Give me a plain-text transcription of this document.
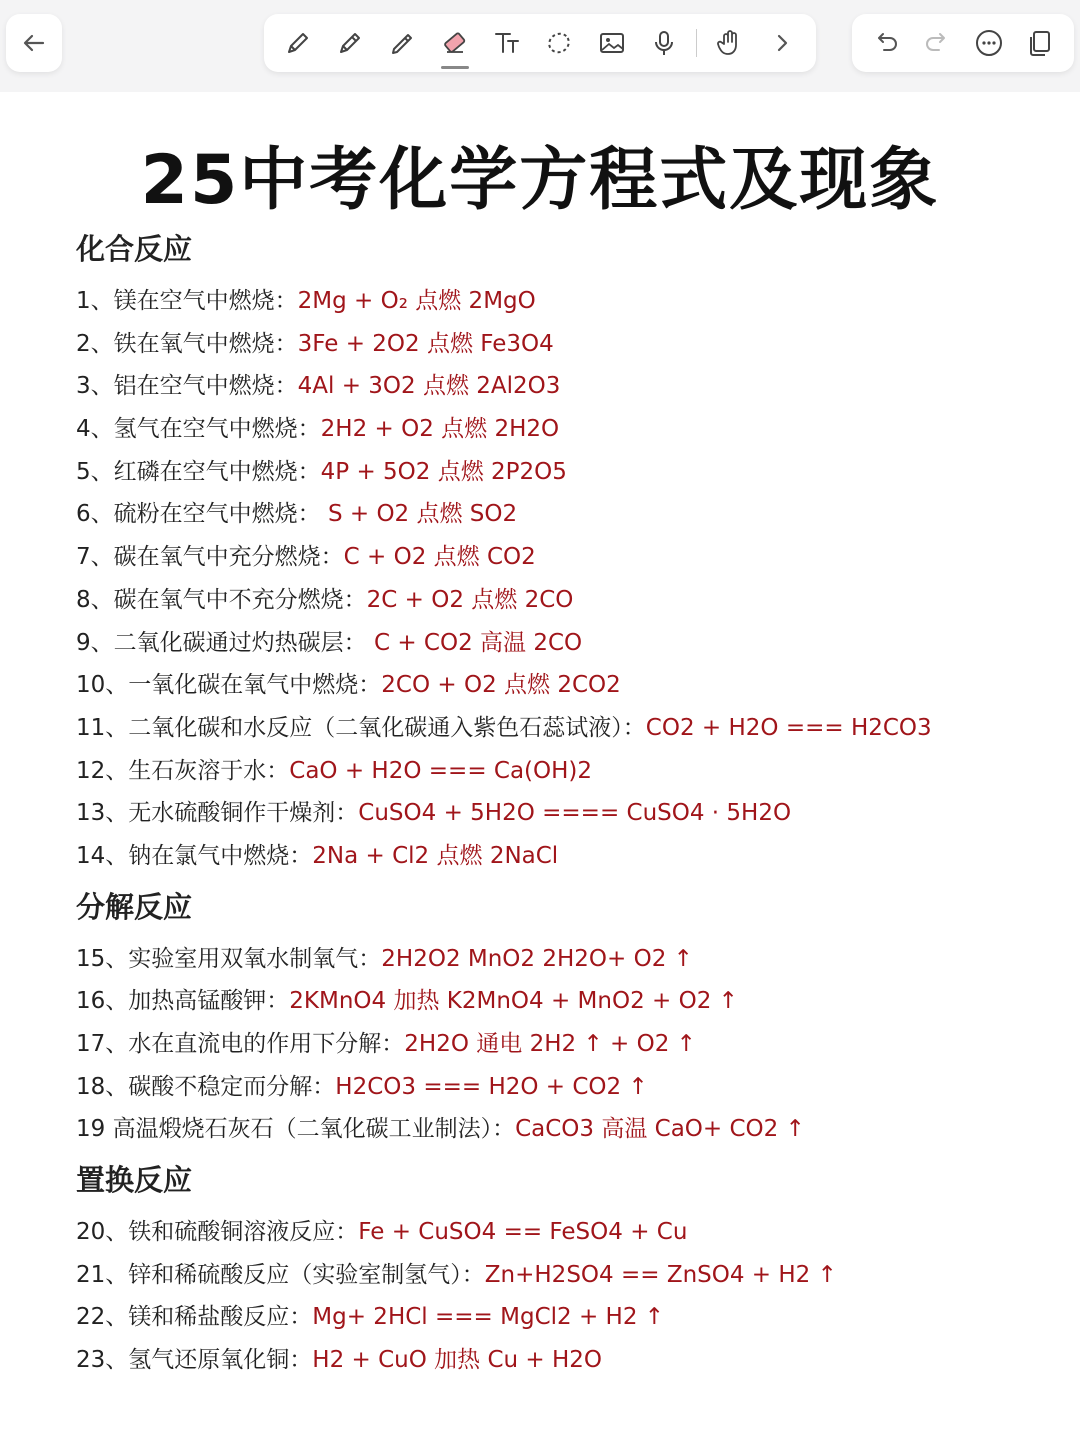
25中考化学方程式及现象
化合反应
1、镁在空气中燃烧：2Mg + O₂ 点燃 2MgO
2、铁在氧气中燃烧：3Fe + 2O2 点燃 Fe3O4
3、铝在空气中燃烧：4Al + 3O2 点燃 2Al2O3
4、氢气在空气中燃烧：2H2 + O2 点燃 2H2O
5、红磷在空气中燃烧：4P + 5O2 点燃 2P2O5
6、硫粉在空气中燃烧： S + O2 点燃 SO2
7、碳在氧气中充分燃烧：C + O2 点燃 CO2
8、碳在氧气中不充分燃烧：2C + O2 点燃 2CO
9、二氧化碳通过灼热碳层： C + CO2 高温 2CO
10、一氧化碳在氧气中燃烧：2CO + O2 点燃 2CO2
11、二氧化碳和水反应（二氧化碳通入紫色石蕊试液）：CO2 + H2O === H2CO3
12、生石灰溶于水：CaO + H2O === Ca(OH)2
13、无水硫酸铜作干燥剂：CuSO4 + 5H2O ==== CuSO4 · 5H2O
14、钠在氯气中燃烧：2Na + Cl2 点燃 2NaCl
分解反应
15、实验室用双氧水制氧气：2H2O2 MnO2 2H2O+ O2 ↑
16、加热高锰酸钾：2KMnO4 加热 K2MnO4 + MnO2 + O2 ↑
17、水在直流电的作用下分解：2H2O 通电 2H2 ↑ + O2 ↑
18、碳酸不稳定而分解：H2CO3 === H2O + CO2 ↑
19 高温煅烧石灰石（二氧化碳工业制法）：CaCO3 高温 CaO+ CO2 ↑
置换反应
20、铁和硫酸铜溶液反应：Fe + CuSO4 == FeSO4 + Cu
21、锌和稀硫酸反应（实验室制氢气）：Zn+H2SO4 == ZnSO4 + H2 ↑
22、镁和稀盐酸反应：Mg+ 2HCl === MgCl2 + H2 ↑
23、氢气还原氧化铜：H2 + CuO 加热 Cu + H2O
